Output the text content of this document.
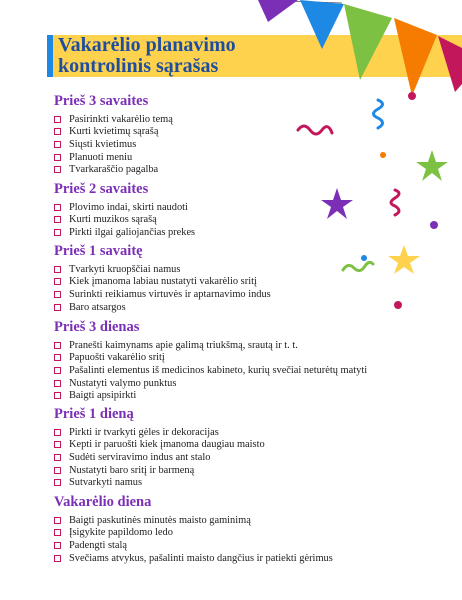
Vakarėlio planavimo
kontrolinis sąrašas
Prieš 3 savaites
Pasirinkti vakarėlio temą
Kurti kvietimų sąrašą
Siųsti kvietimus
Planuoti meniu
Tvarkaraščio pagalba
Prieš 2 savaites
Plovimo indai, skirti naudoti
Kurti muzikos sąrašą
Pirkti ilgai galiojančias prekes
Prieš 1 savaitę
Tvarkyti kruopščiai namus
Kiek įmanoma labiau nustatyti vakarėlio sritį
Surinkti reikiamus virtuvės ir aptarnavimo indus
Baro atsargos
Prieš 3 dienas
Pranešti kaimynams apie galimą triukšmą, srautą ir t. t.
Papuošti vakarėlio sritį
Pašalinti elementus iš medicinos kabineto, kurių svečiai neturėtų matyti
Nustatyti valymo punktus
Baigti apsipirkti
Prieš 1 dieną
Pirkti ir tvarkyti gėles ir dekoracijas
Kepti ir paruošti kiek įmanoma daugiau maisto
Sudėti serviravimo indus ant stalo
Nustatyti baro sritį ir barmeną
Sutvarkyti namus
Vakarėlio diena
Baigti paskutinės minutės maisto gaminimą
Įsigykite papildomo ledo
Padengti stalą
Svečiams atvykus, pašalinti maisto dangčius ir patiekti gėrimus
